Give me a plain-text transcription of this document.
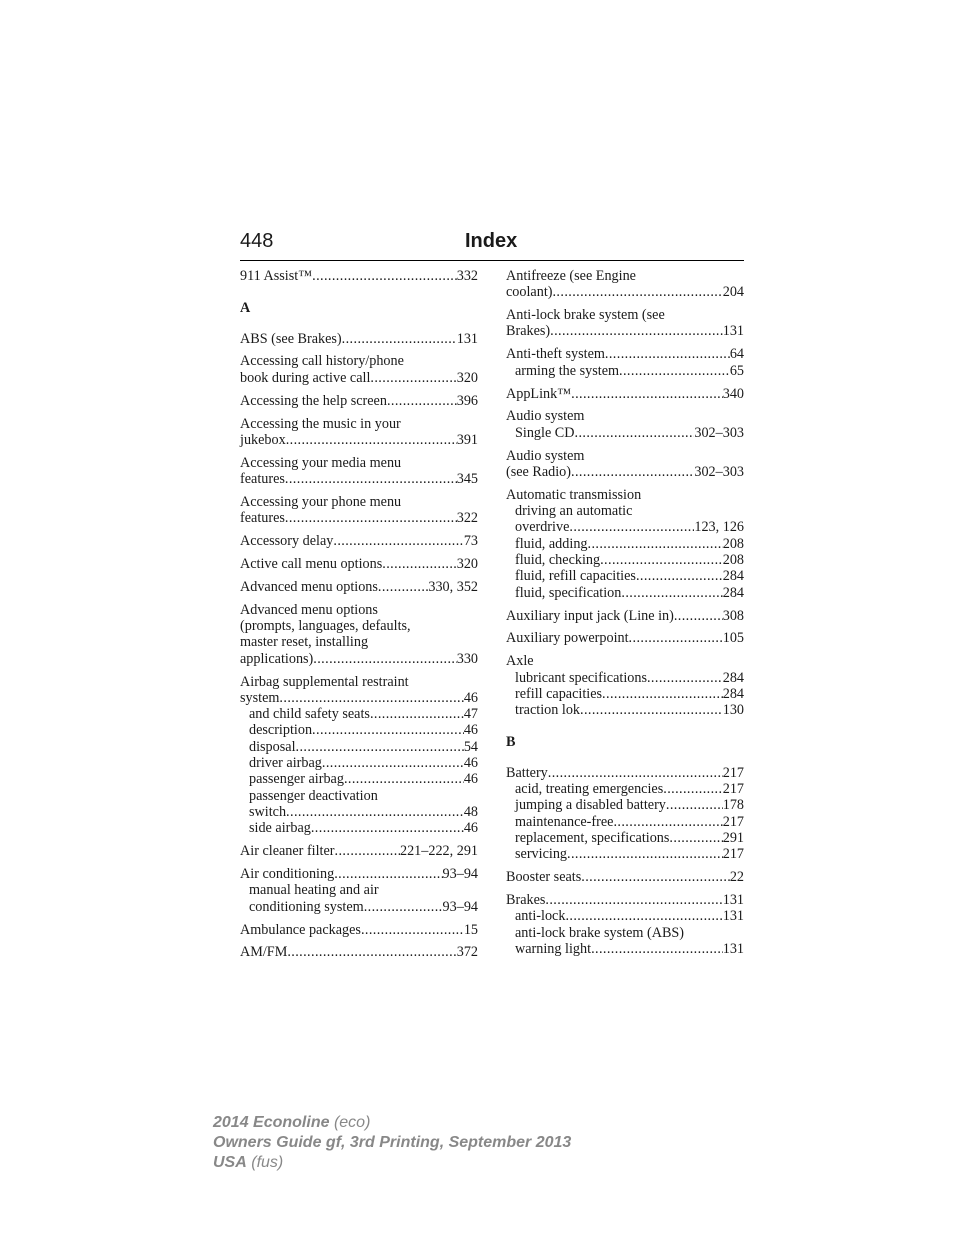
448	Index
911 Assist™ .....	332
A
ABS (see Brakes) .....	131
Accessing call history/phone
book during active call .....	320
Accessing the help screen .....	396
Accessing the music in your
jukebox .....	391
Accessing your media menu
features .....	345
Accessing your phone menu
features .....	322
Accessory delay .....	73
Active call menu options .....	320
Advanced menu options .....	330, 352
Advanced menu options
(prompts, languages, defaults,
master reset, installing
applications) .....	330
Airbag supplemental restraint
system .....	46
and child safety seats .....	47
description .....	46
disposal .....	54
driver airbag .....	46
passenger airbag .....	46
passenger deactivation
switch .....	48
side airbag .....	46
Air cleaner filter .....	221–222, 291
Air conditioning .....	93–94
manual heating and air
conditioning system .....	93–94
Ambulance packages .....	15
AM/FM .....	372
Antifreeze (see Engine
coolant) .....	204
Anti-lock brake system (see
Brakes) .....	131
Anti-theft system .....	64
arming the system .....	65
AppLink™ .....	340
Audio system
Single CD .....	302–303
Audio system
(see Radio) .....	302–303
Automatic transmission
driving an automatic
overdrive .....	123, 126
fluid, adding .....	208
fluid, checking .....	208
fluid, refill capacities .....	284
fluid, specification .....	284
Auxiliary input jack (Line in) .....	308
Auxiliary powerpoint .....	105
Axle
lubricant specifications .....	284
refill capacities .....	284
traction lok .....	130
B
Battery .....	217
acid, treating emergencies .....	217
jumping a disabled battery .....	178
maintenance-free .....	217
replacement, specifications .....	291
servicing .....	217
Booster seats .....	22
Brakes .....	131
anti-lock .....	131
anti-lock brake system (ABS)
warning light .....	131
2014 Econoline (eco)
Owners Guide gf, 3rd Printing, September 2013
USA (fus)
